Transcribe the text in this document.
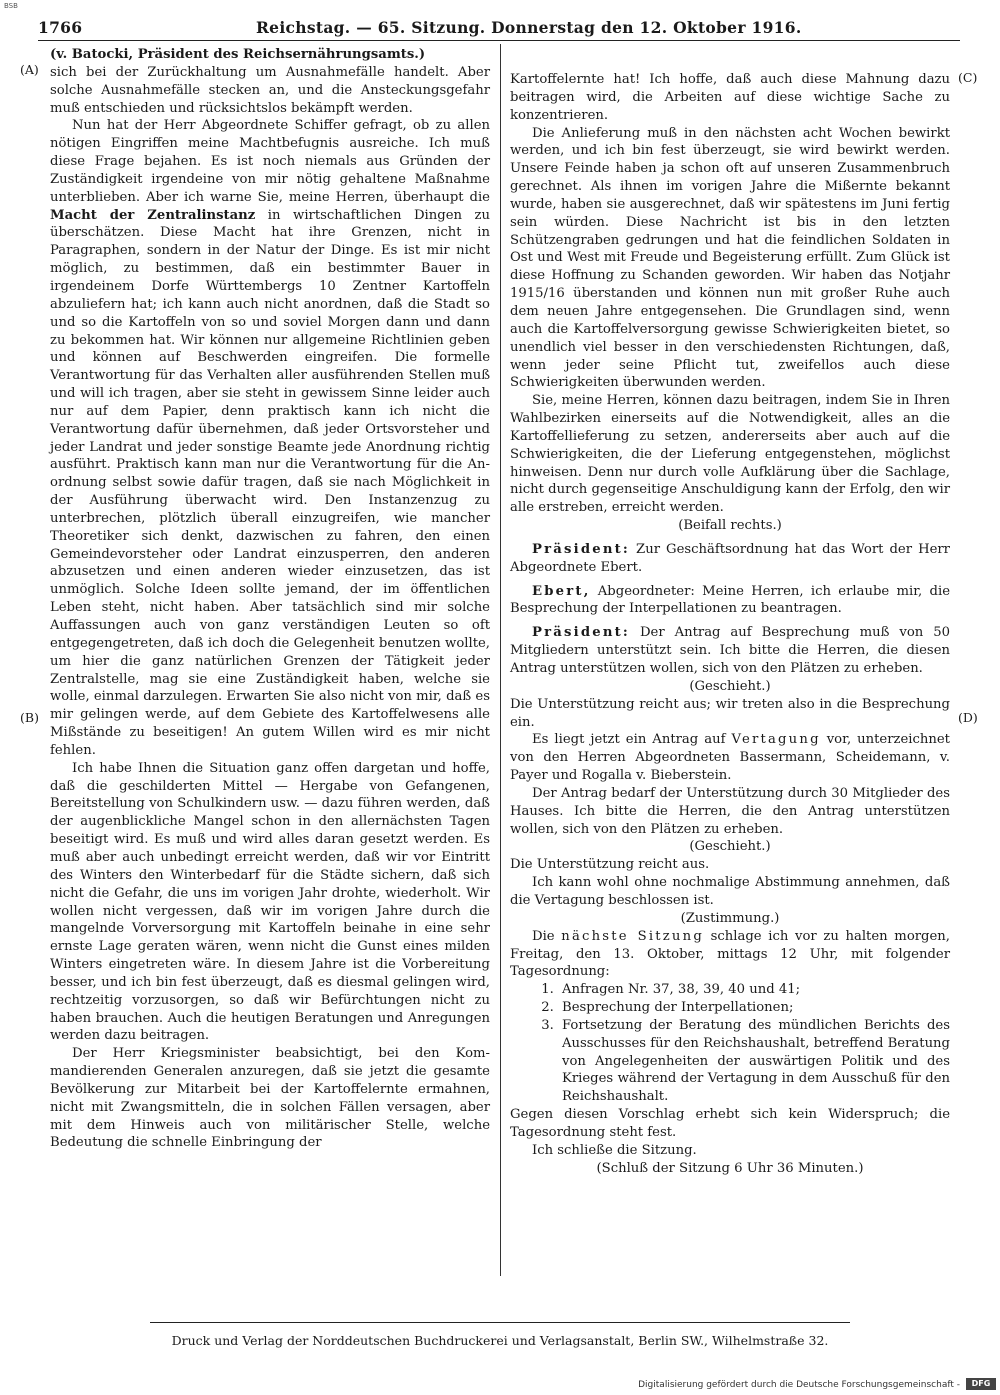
BSB
1766	Reichstag. — 65. Sitzung. Donnerstag den 12. Oktober 1916.
(A)
(B)
(C)
(D)

(v. Batocki, Präsident des Reichsernährungsamts.)

sich bei der Zurückhaltung um Ausnahmefälle handelt. Aber solche Ausnahmefälle stecken an, und die Ansteckungsgefahr muß entschieden und rücksichtslos bekämpft werden.

Nun hat der Herr Abgeordnete Schiffer gefragt, ob zu allen nötigen Eingriffen meine Machtbefugnis ausreiche. Ich muß diese Frage bejahen. Es ist noch niemals aus Gründen der Zuständigkeit irgendeine von mir nötig gehaltene Maßnahme unterblieben. Aber ich warne Sie, meine Herren, überhaupt die Macht der Zentralinstanz in wirtschaftlichen Dingen zu überschätzen. Diese Macht hat ihre Grenzen, nicht in Paragraphen, sondern in der Natur der Dinge. Es ist mir nicht möglich, zu bestimmen, daß ein bestimmter Bauer in irgendeinem Dorfe Württembergs 10 Zentner Kartoffeln abzuliefern hat; ich kann auch nicht anordnen, daß die Stadt so und so die Kartoffeln von so und soviel Morgen dann und dann zu bekommen hat. Wir können nur allgemeine Richtlinien geben und können auf Beschwerden eingreifen. Die formelle Verantwortung für das Verhalten aller ausführenden Stellen muß und will ich tragen, aber sie steht in gewissem Sinne leider auch nur auf dem Papier, denn praktisch kann ich nicht die Verantwortung dafür übernehmen, daß jeder Ortsvorsteher und jeder Landrat und jeder sonstige Beamte jede Anordnung richtig ausführt. Praktisch kann man nur die Verantwortung für die Anordnung selbst sowie dafür tragen, daß sie nach Möglichkeit in der Ausführung überwacht wird. Den Instanzenzug zu unterbrechen, plötzlich überall einzugreifen, wie mancher Theoretiker sich denkt, dazwischen zu fahren, den einen Gemeindevorsteher oder Landrat einzusperren, den anderen abzusetzen und einen anderen wieder einzusetzen, das ist unmöglich. Solche Ideen sollte jemand, der im öffentlichen Leben steht, nicht haben. Aber tatsächlich sind mir solche Auffassungen auch von ganz verständigen Leuten so oft entgegengetreten, daß ich doch die Gelegenheit benutzen wollte, um hier die ganz natürlichen Grenzen der Tätigkeit jeder Zentralstelle, mag sie eine Zuständigkeit haben, welche sie wolle, einmal darzulegen. Erwarten Sie also nicht von mir, daß es mir gelingen werde, auf dem Gebiete des Kartoffelwesens alle Mißstände zu beseitigen! An gutem Willen wird es mir nicht fehlen.

Ich habe Ihnen die Situation ganz offen dargetan und hoffe, daß die geschilderten Mittel — Hergabe von Gefangenen, Bereitstellung von Schulkindern usw. — dazu führen werden, daß der augenblickliche Mangel schon in den allernächsten Tagen beseitigt wird. Es muß und wird alles daran gesetzt werden. Es muß aber auch unbedingt erreicht werden, daß wir vor Eintritt des Winters den Winterbedarf für die Städte sichern, daß sich nicht die Gefahr, die uns im vorigen Jahr drohte, wiederholt. Wir wollen nicht vergessen, daß wir im vorigen Jahre durch die mangelnde Vorversorgung mit Kartoffeln beinahe in eine sehr ernste Lage geraten wären, wenn nicht die Gunst eines milden Winters eingetreten wäre. In diesem Jahre ist die Vorbereitung besser, und ich bin fest überzeugt, daß es diesmal gelingen wird, rechtzeitig vorzusorgen, so daß wir Befürchtungen nicht zu haben brauchen. Auch die heutigen Beratungen und Anregungen werden dazu beitragen.

Der Herr Kriegsminister beabsichtigt, bei den Kommandierenden Generalen anzuregen, daß sie jetzt die gesamte Bevölkerung zur Mitarbeit bei der Kartoffelernte ermahnen, nicht mit Zwangsmitteln, die in solchen Fällen versagen, aber mit dem Hinweis auch von militärischer Stelle, welche Bedeutung die schnelle Einbringung der

Kartoffelernte hat! Ich hoffe, daß auch diese Mahnung dazu beitragen wird, die Arbeiten auf diese wichtige Sache zu konzentrieren.

Die Anlieferung muß in den nächsten acht Wochen bewirkt werden, und ich bin fest überzeugt, sie wird bewirkt werden. Unsere Feinde haben ja schon oft auf unseren Zusammenbruch gerechnet. Als ihnen im vorigen Jahre die Mißernte bekannt wurde, haben sie ausgerechnet, daß wir spätestens im Juni fertig sein würden. Diese Nachricht ist bis in den letzten Schützengraben gedrungen und hat die feindlichen Soldaten in Ost und West mit Freude und Begeisterung erfüllt. Zum Glück ist diese Hoffnung zu Schanden geworden. Wir haben das Notjahr 1915/16 überstanden und können nun mit großer Ruhe auch dem neuen Jahre entgegensehen. Die Grundlagen sind, wenn auch die Kartoffelversorgung gewisse Schwierigkeiten bietet, so unendlich viel besser in den verschiedensten Richtungen, daß, wenn jeder seine Pflicht tut, zweifellos auch diese Schwierigkeiten überwunden werden.

Sie, meine Herren, können dazu beitragen, indem Sie in Ihren Wahlbezirken einerseits auf die Notwendigkeit, alles an die Kartoffellieferung zu setzen, andererseits aber auch auf die Schwierigkeiten, die der Lieferung entgegenstehen, möglichst hinweisen. Denn nur durch volle Aufklärung über die Sachlage, nicht durch gegenseitige Anschuldigung kann der Erfolg, den wir alle erstreben, erreicht werden.

(Beifall rechts.)

Präsident: Zur Geschäftsordnung hat das Wort der Herr Abgeordnete Ebert.

Ebert, Abgeordneter: Meine Herren, ich erlaube mir, die Besprechung der Interpellationen zu beantragen.

Präsident: Der Antrag auf Besprechung muß von 50 Mitgliedern unterstützt sein. Ich bitte die Herren, die diesen Antrag unterstützen wollen, sich von den Plätzen zu erheben.

(Geschieht.)

Die Unterstützung reicht aus; wir treten also in die Besprechung ein.

Es liegt jetzt ein Antrag auf Vertagung vor, unterzeichnet von den Herren Abgeordneten Bassermann, Scheidemann, v. Payer und Rogalla v. Bieberstein.

Der Antrag bedarf der Unterstützung durch 30 Mitglieder des Hauses. Ich bitte die Herren, die den Antrag unterstützen wollen, sich von den Plätzen zu erheben.

(Geschieht.)

Die Unterstützung reicht aus.

Ich kann wohl ohne nochmalige Abstimmung annehmen, daß die Vertagung beschlossen ist.

(Zustimmung.)

Die nächste Sitzung schlage ich vor zu halten morgen, Freitag, den 13. Oktober, mittags 12 Uhr, mit folgender Tagesordnung:

1. Anfragen Nr. 37, 38, 39, 40 und 41;
2. Besprechung der Interpellationen;
3. Fortsetzung der Beratung des mündlichen Berichts des Ausschusses für den Reichshaushalt, betreffend Beratung von Angelegenheiten der auswärtigen Politik und des Krieges während der Vertagung in dem Ausschuß für den Reichshaushalt.

Gegen diesen Vorschlag erhebt sich kein Widerspruch; die Tagesordnung steht fest.

Ich schließe die Sitzung.

(Schluß der Sitzung 6 Uhr 36 Minuten.)

Druck und Verlag der Norddeutschen Buchdruckerei und Verlagsanstalt, Berlin SW., Wilhelmstraße 32.
Digitalisierung gefördert durch die Deutsche Forschungsgemeinschaft -	DFG
